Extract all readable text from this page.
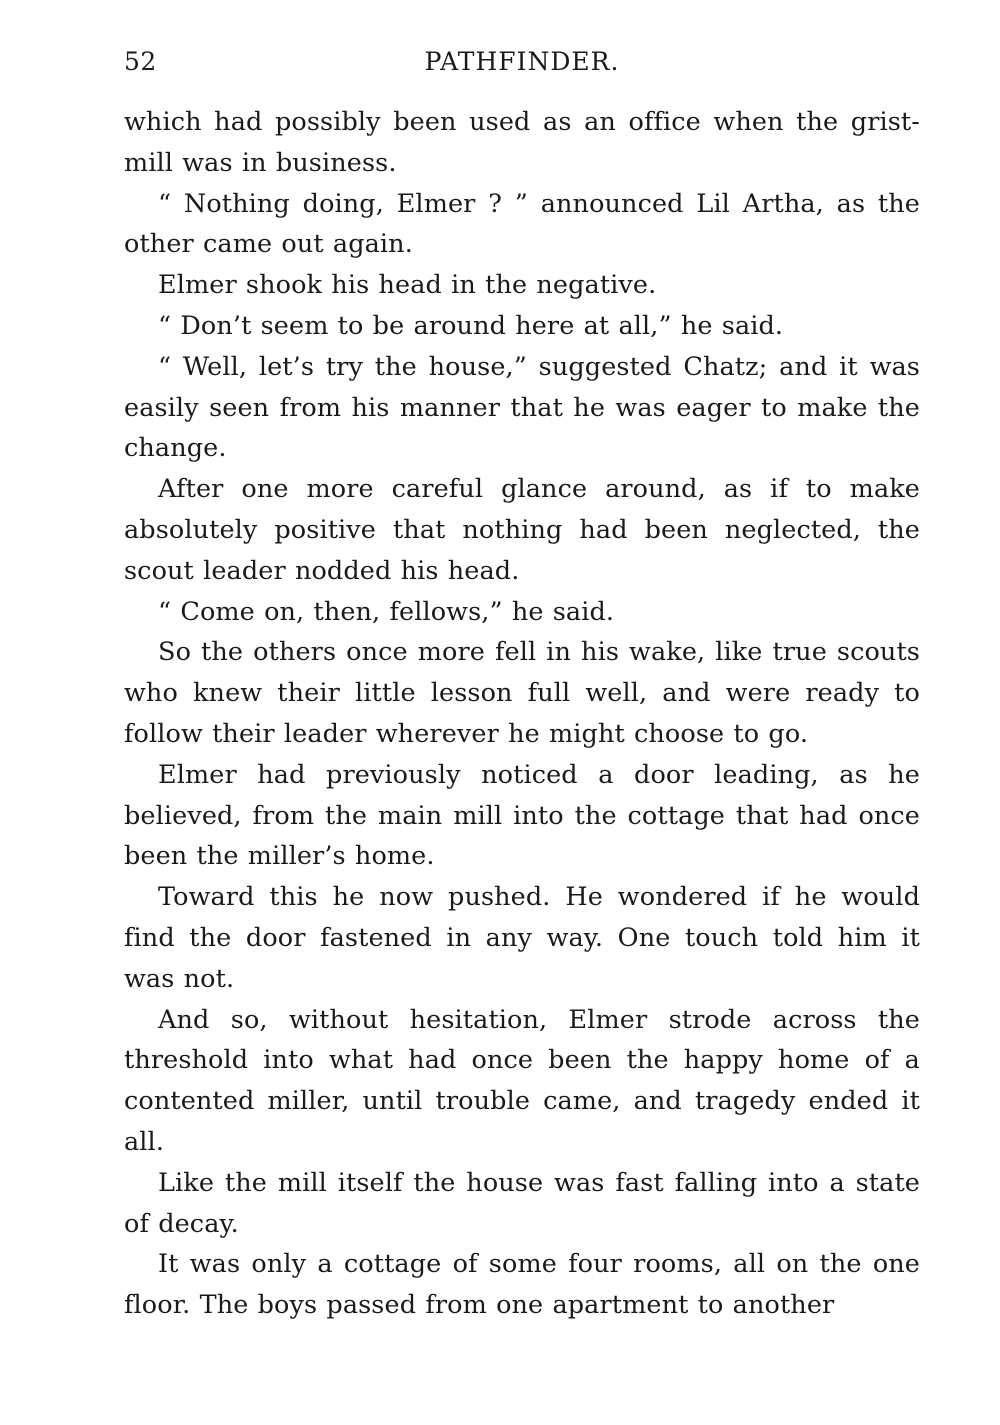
52	PATHFINDER.

which had possibly been used as an office when the grist-mill was in business.

“ Nothing doing, Elmer ? ” announced Lil Artha, as the other came out again.

Elmer shook his head in the negative.

“ Don’t seem to be around here at all,” he said.

“ Well, let’s try the house,” suggested Chatz; and it was easily seen from his manner that he was eager to make the change.

After one more careful glance around, as if to make absolutely positive that nothing had been neglected, the scout leader nodded his head.

“ Come on, then, fellows,” he said.

So the others once more fell in his wake, like true scouts who knew their little lesson full well, and were ready to follow their leader wherever he might choose to go.

Elmer had previously noticed a door leading, as he believed, from the main mill into the cottage that had once been the miller’s home.

Toward this he now pushed. He wondered if he would find the door fastened in any way. One touch told him it was not.

And so, without hesitation, Elmer strode across the threshold into what had once been the happy home of a contented miller, until trouble came, and tragedy ended it all.

Like the mill itself the house was fast falling into a state of decay.

It was only a cottage of some four rooms, all on the one floor. The boys passed from one apartment to another
